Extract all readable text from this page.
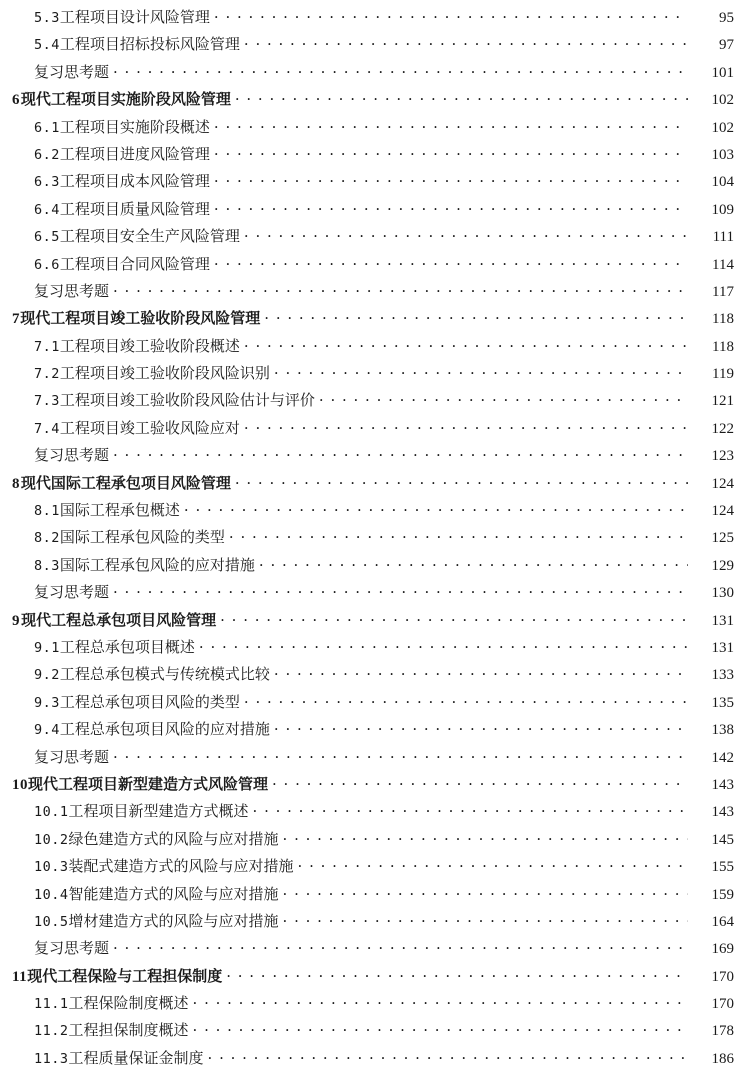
5.3 工程项目设计风险管理 · · ·	95
5.4 工程项目招标投标风险管理 · · ·	97
复习思考题 · · ·	101
6 现代工程项目实施阶段风险管理 · · ·	102
6.1 工程项目实施阶段概述 · · ·	102
6.2 工程项目进度风险管理 · · ·	103
6.3 工程项目成本风险管理 · · ·	104
6.4 工程项目质量风险管理 · · ·	109
6.5 工程项目安全生产风险管理 · · ·	111
6.6 工程项目合同风险管理 · · ·	114
复习思考题 · · ·	117
7 现代工程项目竣工验收阶段风险管理 · · ·	118
7.1 工程项目竣工验收阶段概述 · · ·	118
7.2 工程项目竣工验收阶段风险识别 · · ·	119
7.3 工程项目竣工验收阶段风险估计与评价 · · ·	121
7.4 工程项目竣工验收风险应对 · · ·	122
复习思考题 · · ·	123
8 现代国际工程承包项目风险管理 · · ·	124
8.1 国际工程承包概述 · · ·	124
8.2 国际工程承包风险的类型 · · ·	125
8.3 国际工程承包风险的应对措施 · · ·	129
复习思考题 · · ·	130
9 现代工程总承包项目风险管理 · · ·	131
9.1 工程总承包项目概述 · · ·	131
9.2 工程总承包模式与传统模式比较 · · ·	133
9.3 工程总承包项目风险的类型 · · ·	135
9.4 工程总承包项目风险的应对措施 · · ·	138
复习思考题 · · ·	142
10 现代工程项目新型建造方式风险管理 · · ·	143
10.1 工程项目新型建造方式概述 · · ·	143
10.2 绿色建造方式的风险与应对措施 · · ·	145
10.3 装配式建造方式的风险与应对措施 · · ·	155
10.4 智能建造方式的风险与应对措施 · · ·	159
10.5 增材建造方式的风险与应对措施 · · ·	164
复习思考题 · · ·	169
11 现代工程保险与工程担保制度 · · ·	170
11.1 工程保险制度概述 · · ·	170
11.2 工程担保制度概述 · · ·	178
11.3 工程质量保证金制度 · · ·	186
